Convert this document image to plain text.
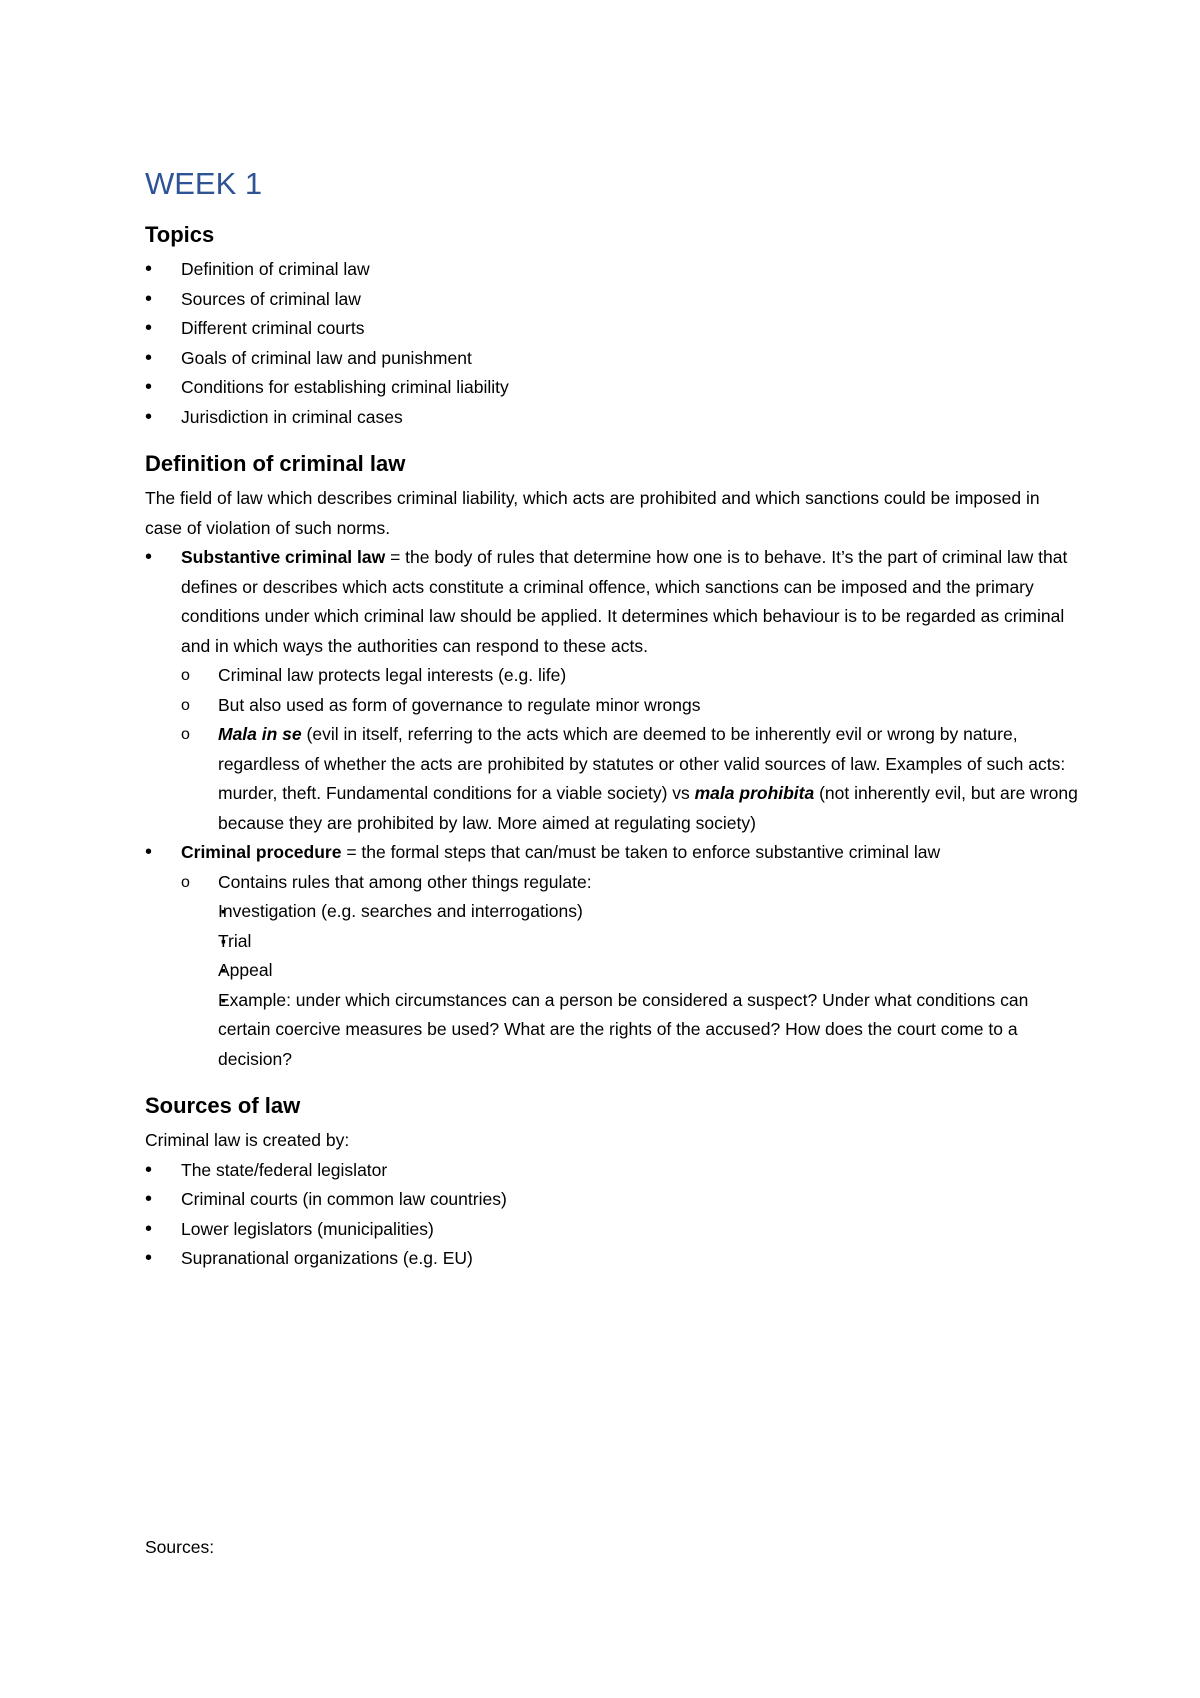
WEEK 1
Topics
• Definition of criminal law
• Sources of criminal law
• Different criminal courts
• Goals of criminal law and punishment
• Conditions for establishing criminal liability
• Jurisdiction in criminal cases
Definition of criminal law

The field of law which describes criminal liability, which acts are prohibited and which sanctions could be imposed in case of violation of such norms.

• Substantive criminal law = the body of rules that determine how one is to behave. It’s the part of criminal law that defines or describes which acts constitute a criminal offence, which sanctions can be imposed and the primary conditions under which criminal law should be applied. It determines which behaviour is to be regarded as criminal and in which ways the authorities can respond to these acts.
o Criminal law protects legal interests (e.g. life)
o But also used as form of governance to regulate minor wrongs
o Mala in se (evil in itself, referring to the acts which are deemed to be inherently evil or wrong by nature, regardless of whether the acts are prohibited by statutes or other valid sources of law. Examples of such acts: murder, theft. Fundamental conditions for a viable society) vs mala prohibita (not inherently evil, but are wrong because they are prohibited by law. More aimed at regulating society)
• Criminal procedure = the formal steps that can/must be taken to enforce substantive criminal law
o Contains rules that among other things regulate:
▪ Investigation (e.g. searches and interrogations)
▪ Trial
▪ Appeal
▪ Example: under which circumstances can a person be considered a suspect? Under what conditions can certain coercive measures be used? What are the rights of the accused? How does the court come to a decision?
Sources of law

Criminal law is created by:

• The state/federal legislator
• Criminal courts (in common law countries)
• Lower legislators (municipalities)
• Supranational organizations (e.g. EU)

Sources:
